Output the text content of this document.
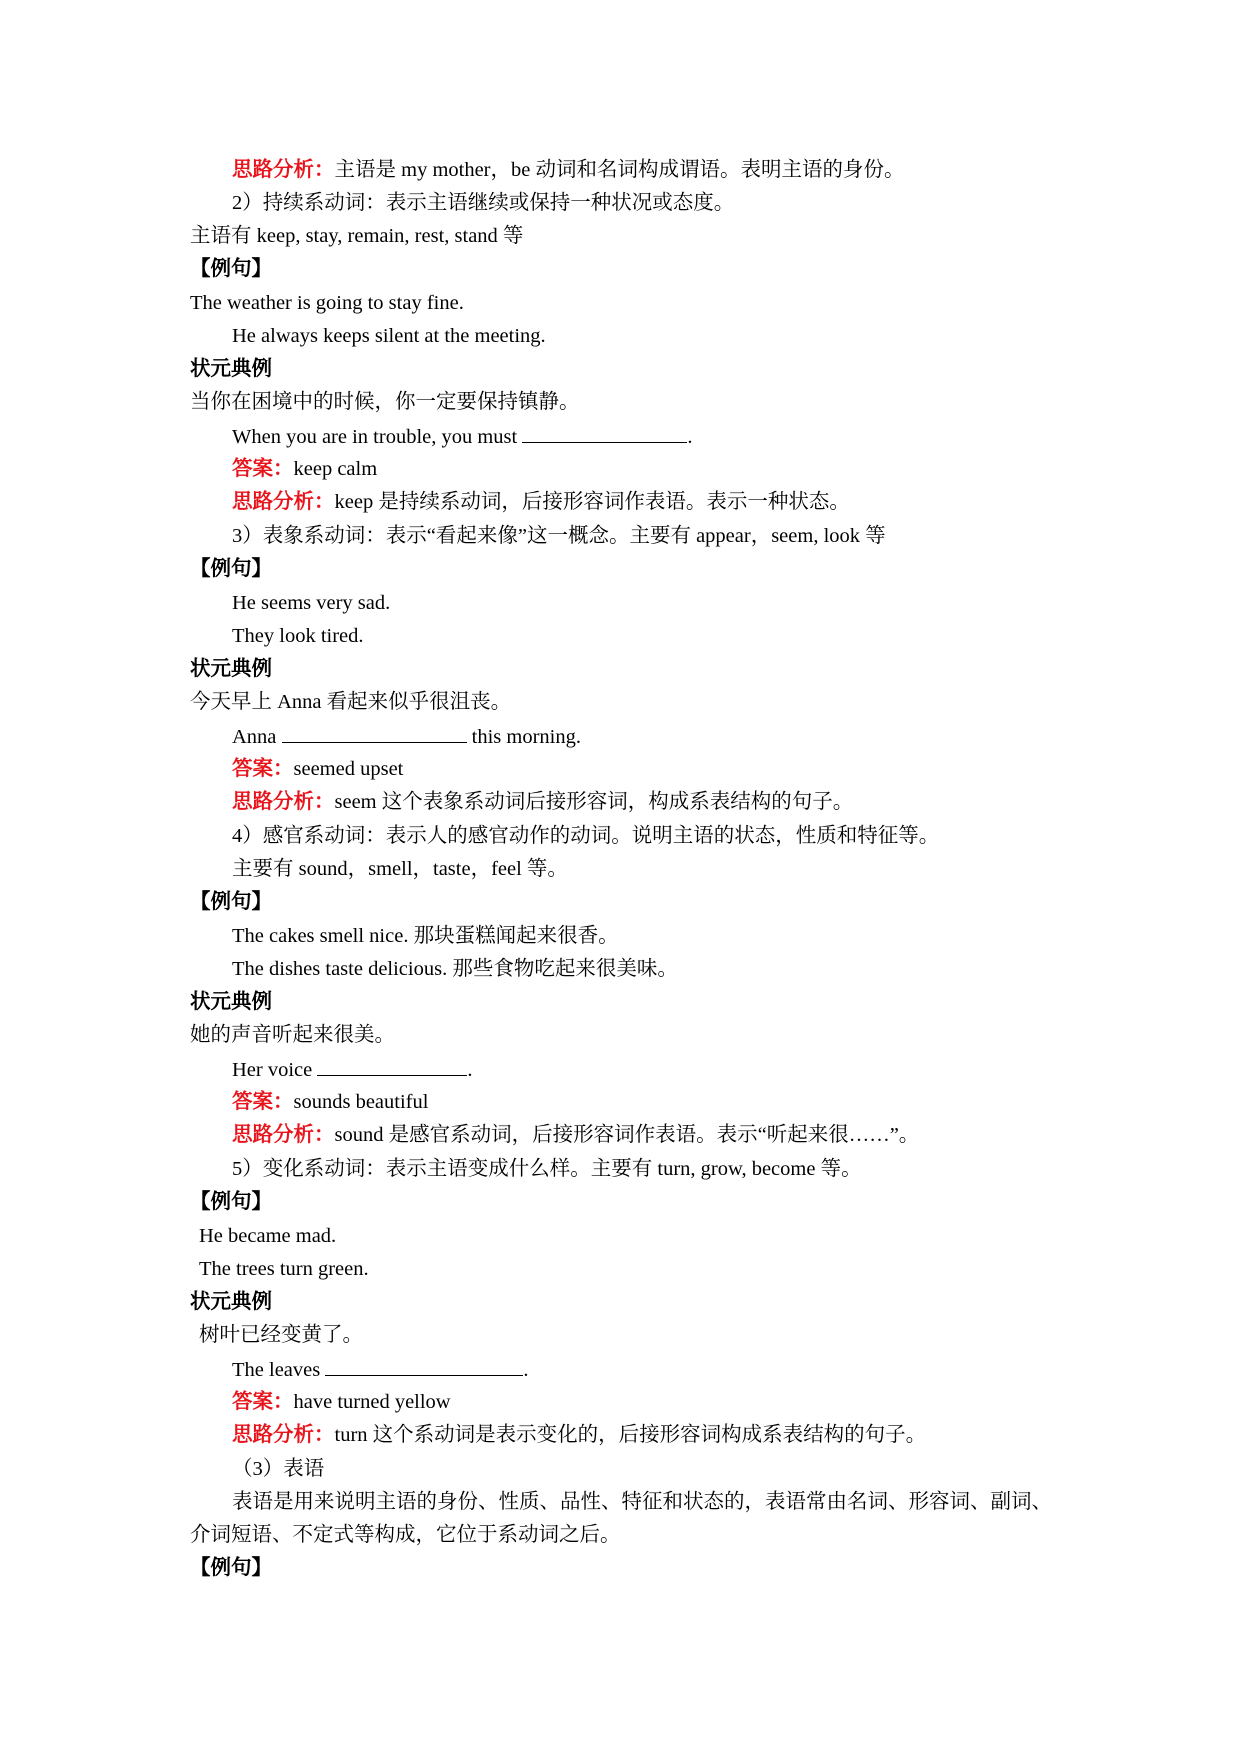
思路分析：主语是 my mother，be 动词和名词构成谓语。表明主语的身份。
2）持续系动词：表示主语继续或保持一种状况或态度。
主语有 keep, stay, remain, rest, stand 等
【例句】
The weather is going to stay fine.
He always keeps silent at the meeting.
状元典例
当你在困境中的时候，你一定要保持镇静。
When you are in trouble, you must	.
答案：keep calm
思路分析：keep 是持续系动词，后接形容词作表语。表示一种状态。
3）表象系动词：表示“看起来像”这一概念。主要有 appear，seem, look 等
【例句】
He seems very sad.
They look tired.
状元典例
今天早上 Anna 看起来似乎很沮丧。
Anna	this morning.
答案：seemed upset
思路分析：seem 这个表象系动词后接形容词，构成系表结构的句子。
4）感官系动词：表示人的感官动作的动词。说明主语的状态，性质和特征等。
主要有 sound，smell，taste，feel 等。
【例句】
The cakes smell nice. 那块蛋糕闻起来很香。
The dishes taste delicious. 那些食物吃起来很美味。
状元典例
她的声音听起来很美。
Her voice	.
答案：sounds beautiful
思路分析：sound 是感官系动词，后接形容词作表语。表示“听起来很……”。
5）变化系动词：表示主语变成什么样。主要有 turn, grow, become 等。
【例句】
He became mad.
The trees turn green.
状元典例
树叶已经变黄了。
The leaves	.
答案：have turned yellow
思路分析：turn 这个系动词是表示变化的，后接形容词构成系表结构的句子。
（3）表语
表语是用来说明主语的身份、性质、品性、特征和状态的，表语常由名词、形容词、副词、
介词短语、不定式等构成，它位于系动词之后。
【例句】
